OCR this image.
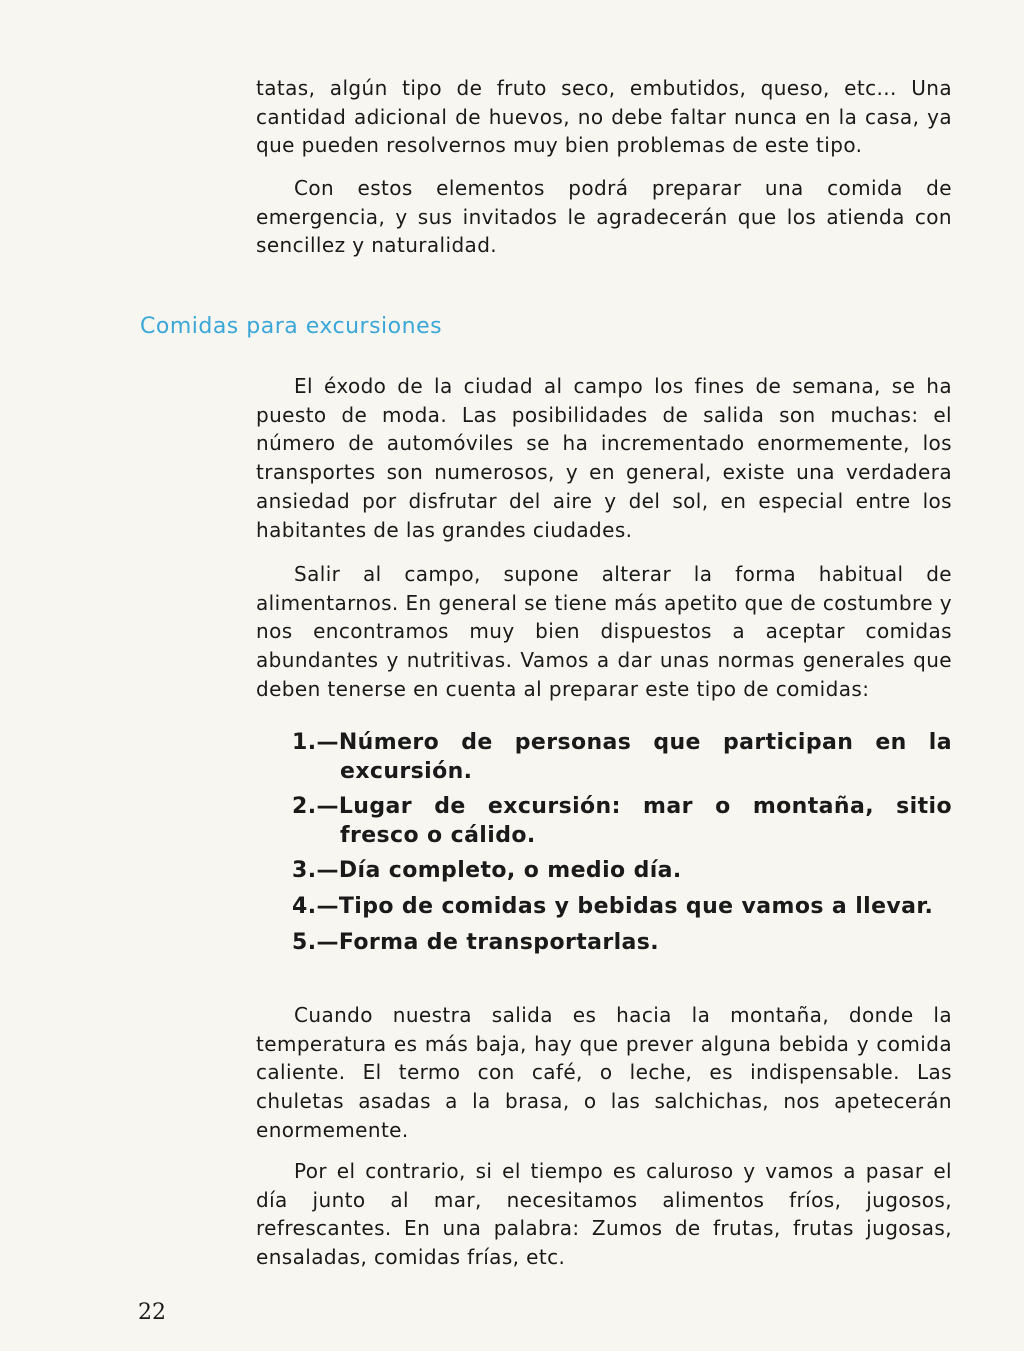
tatas, algún tipo de fruto seco, embutidos, queso, etc... Una cantidad adicional de huevos, no debe faltar nunca en la casa, ya que pueden resolvernos muy bien problemas de este tipo.

Con estos elementos podrá preparar una comida de emergencia, y sus invitados le agradecerán que los atienda con sencillez y naturalidad.

Comidas para excursiones

El éxodo de la ciudad al campo los fines de semana, se ha puesto de moda. Las posibilidades de salida son muchas: el número de automóviles se ha incrementado enormemente, los transportes son numerosos, y en general, existe una verdadera ansiedad por disfrutar del aire y del sol, en especial entre los habitantes de las grandes ciudades.

Salir al campo, supone alterar la forma habitual de alimentarnos. En general se tiene más apetito que de costumbre y nos encontramos muy bien dispuestos a aceptar comidas abundantes y nutritivas. Vamos a dar unas normas generales que deben tenerse en cuenta al preparar este tipo de comidas:

1.—Número de personas que participan en la excursión.
2.—Lugar de excursión: mar o montaña, sitio fresco o cálido.
3.—Día completo, o medio día.
4.—Tipo de comidas y bebidas que vamos a llevar.
5.—Forma de transportarlas.

Cuando nuestra salida es hacia la montaña, donde la temperatura es más baja, hay que prever alguna bebida y comida caliente. El termo con café, o leche, es indispensable. Las chuletas asadas a la brasa, o las salchichas, nos apetecerán enormemente.

Por el contrario, si el tiempo es caluroso y vamos a pasar el día junto al mar, necesitamos alimentos fríos, jugosos, refrescantes. En una palabra: Zumos de frutas, frutas jugosas, ensaladas, comidas frías, etc.

22
